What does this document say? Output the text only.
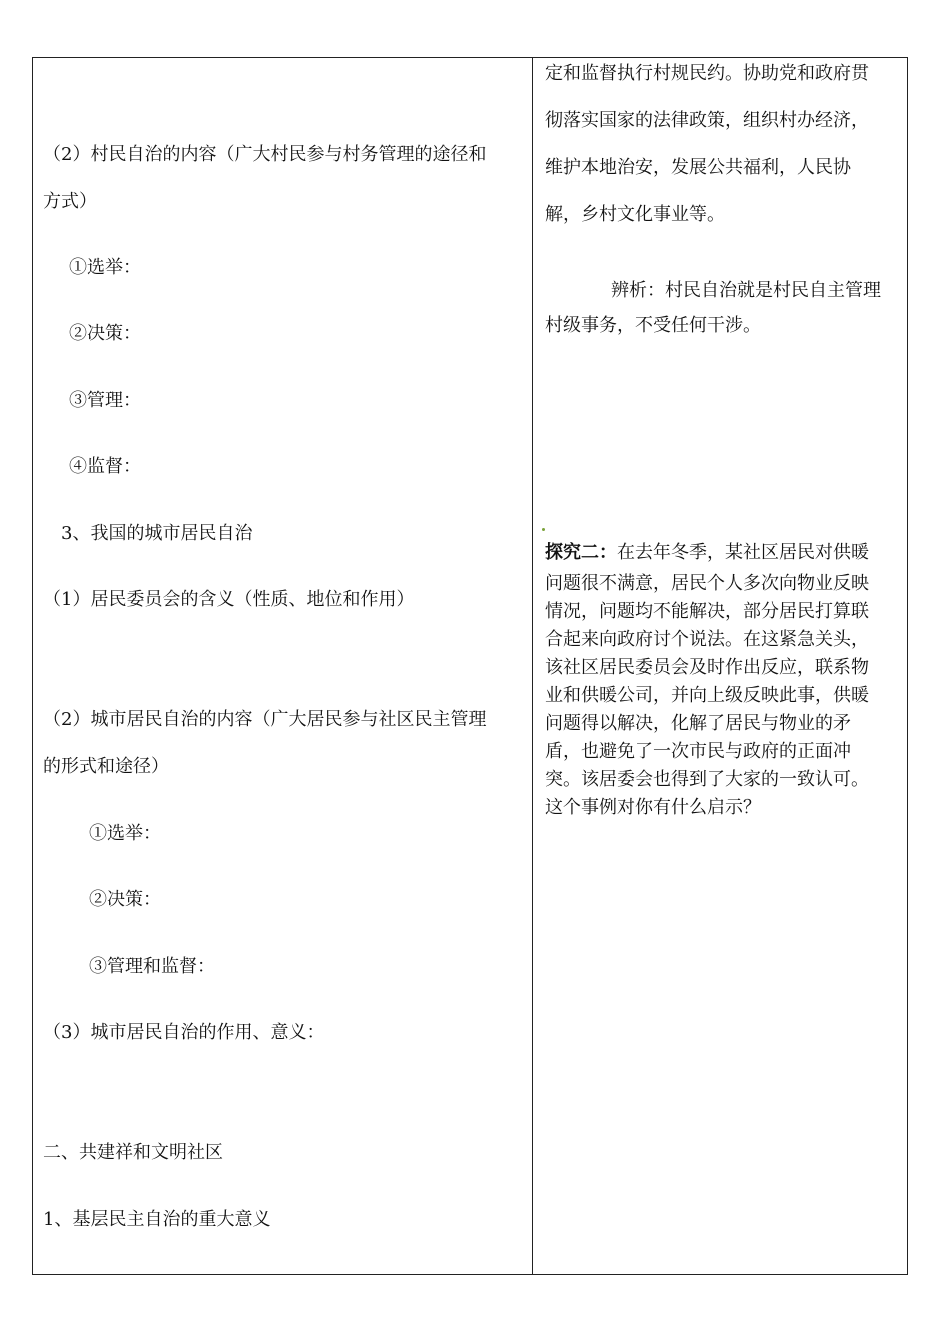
（2）村民自治的内容（广大村民参与村务管理的途径和
方式）
①选举：
②决策：
③管理：
④监督：
3、我国的城市居民自治
（1）居民委员会的含义（性质、地位和作用）
（2）城市居民自治的内容（广大居民参与社区民主管理
的形式和途径）
①选举：
②决策：
③管理和监督：
（3）城市居民自治的作用、意义：
二、共建祥和文明社区
1、基层民主自治的重大意义
定和监督执行村规民约。协助党和政府贯
彻落实国家的法律政策，组织村办经济，
维护本地治安，发展公共福利，人民协
解，乡村文化事业等。
辨析：村民自治就是村民自主管理
村级事务，不受任何干涉。
探究二：在去年冬季，某社区居民对供暖
问题很不满意，居民个人多次向物业反映
情况，问题均不能解决，部分居民打算联
合起来向政府讨个说法。在这紧急关头，
该社区居民委员会及时作出反应，联系物
业和供暖公司，并向上级反映此事，供暖
问题得以解决，化解了居民与物业的矛
盾，也避免了一次市民与政府的正面冲
突。该居委会也得到了大家的一致认可。
这个事例对你有什么启示？
